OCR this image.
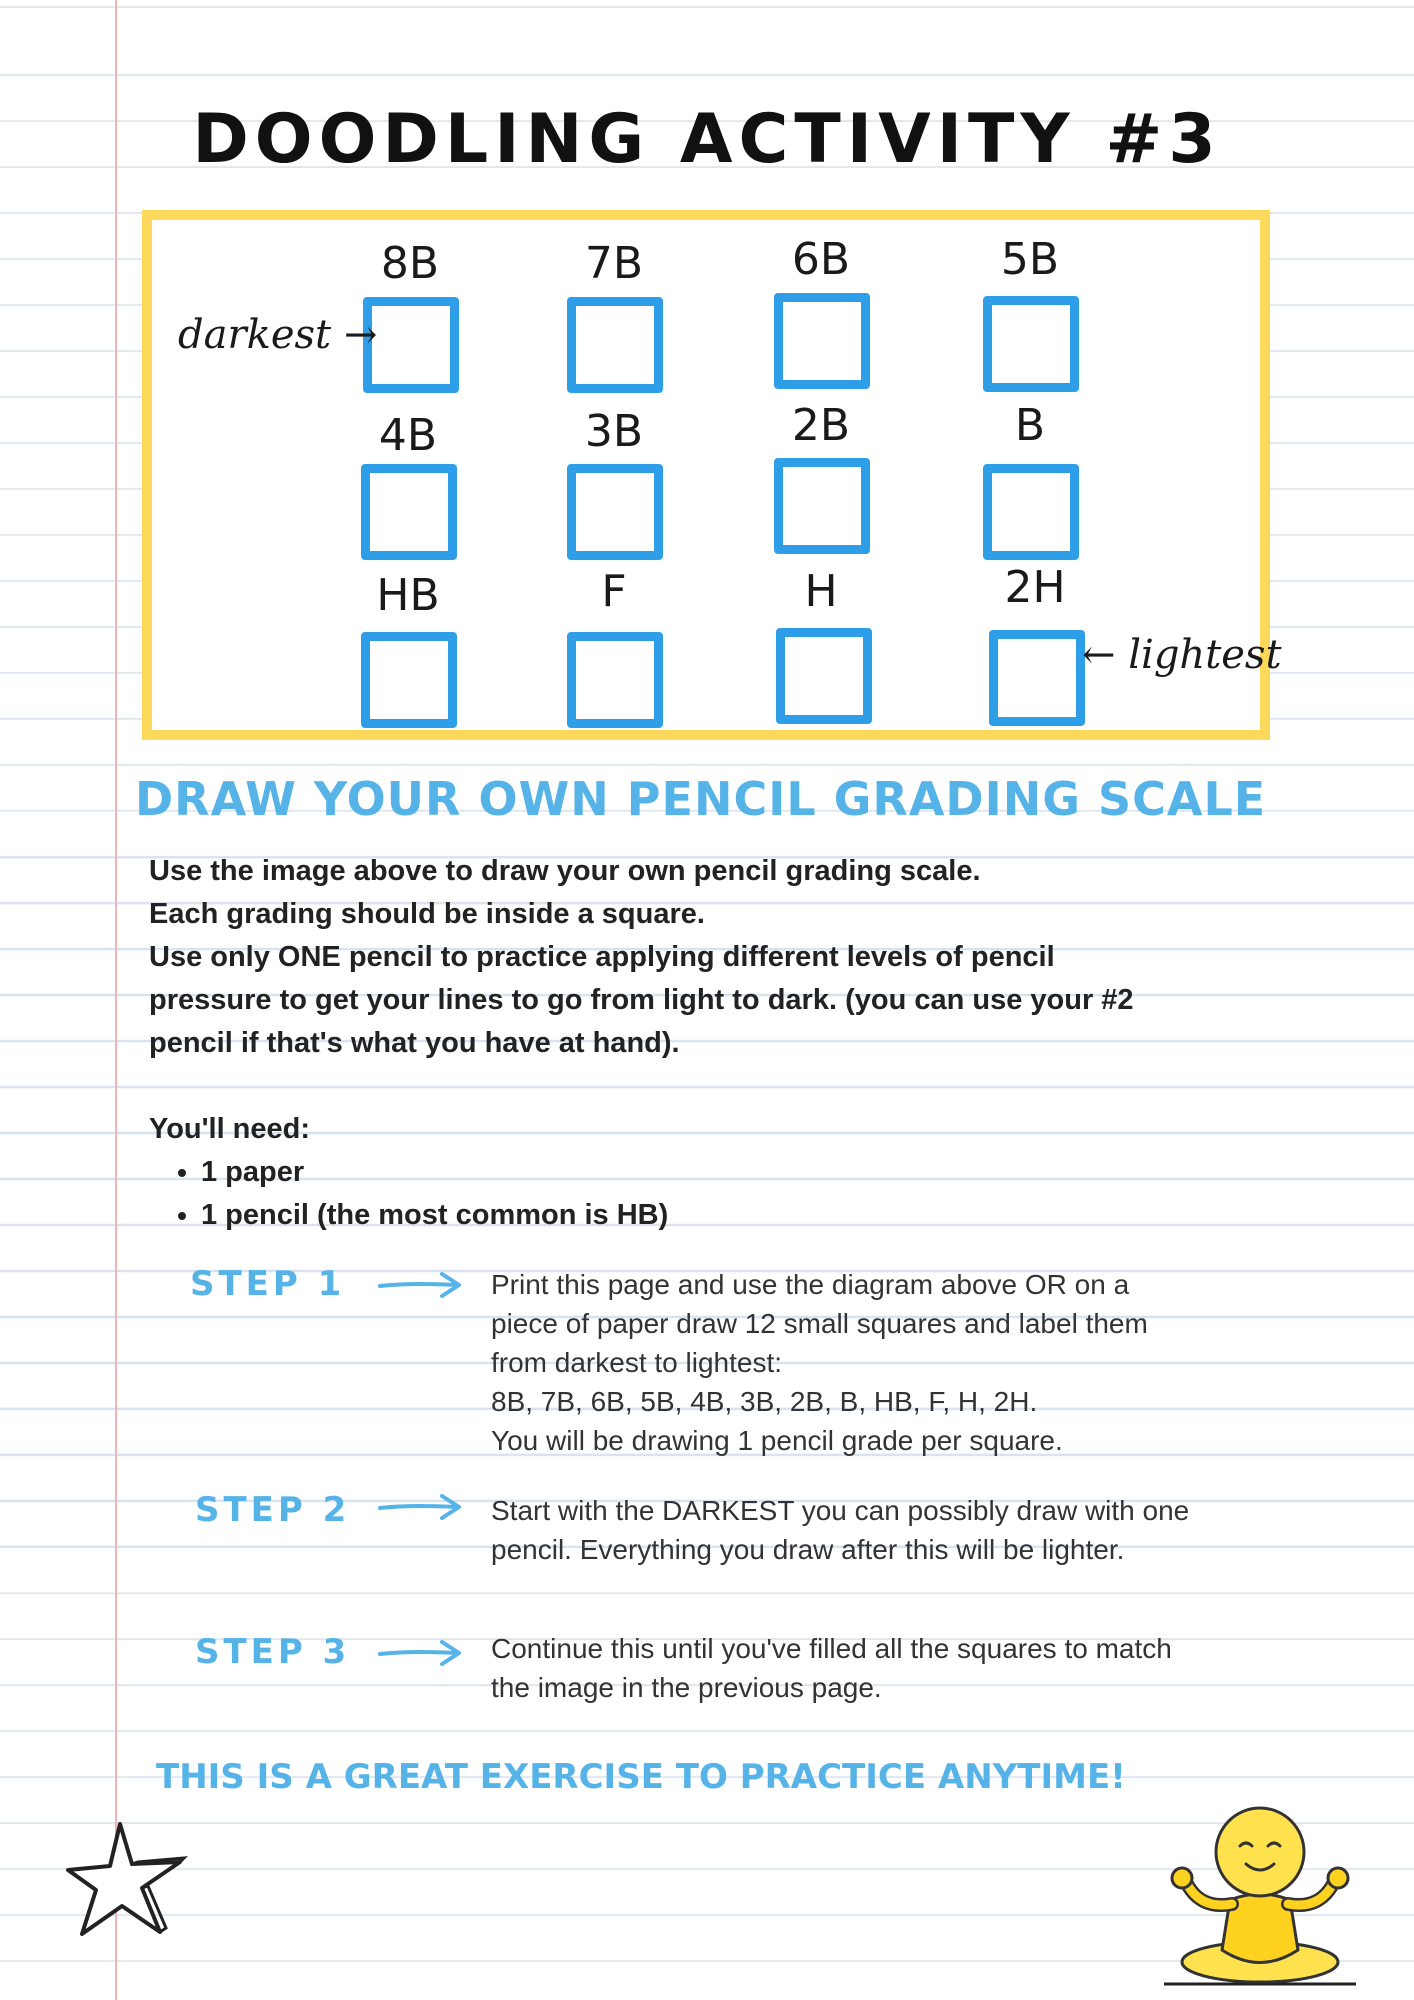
DOODLING ACTIVITY #3
8B	7B	6B	5B
4B	3B	2B	B
HB	F	H	2H
darkest →
← lightest
DRAW YOUR OWN PENCIL GRADING SCALE

Use the image above to draw your own pencil grading scale.

Each grading should be inside a square.

Use only ONE pencil to practice applying different levels of pencil

pressure to get your lines to go from light to dark. (you can use your #2

pencil if that's what you have at hand).

You'll need:
• 1 paper
• 1 pencil (the most common is HB)
STEP 1	Print this page and use the diagram above OR on a

piece of paper draw 12 small squares and label them

from darkest to lightest:

8B, 7B, 6B, 5B, 4B, 3B, 2B, B, HB, F, H, 2H.

You will be drawing 1 pencil grade per square.

STEP 2	Start with the DARKEST you can possibly draw with one

pencil. Everything you draw after this will be lighter.

STEP 3	Continue this until you've filled all the squares to match

the image in the previous page.

THIS IS A GREAT EXERCISE TO PRACTICE ANYTIME!
